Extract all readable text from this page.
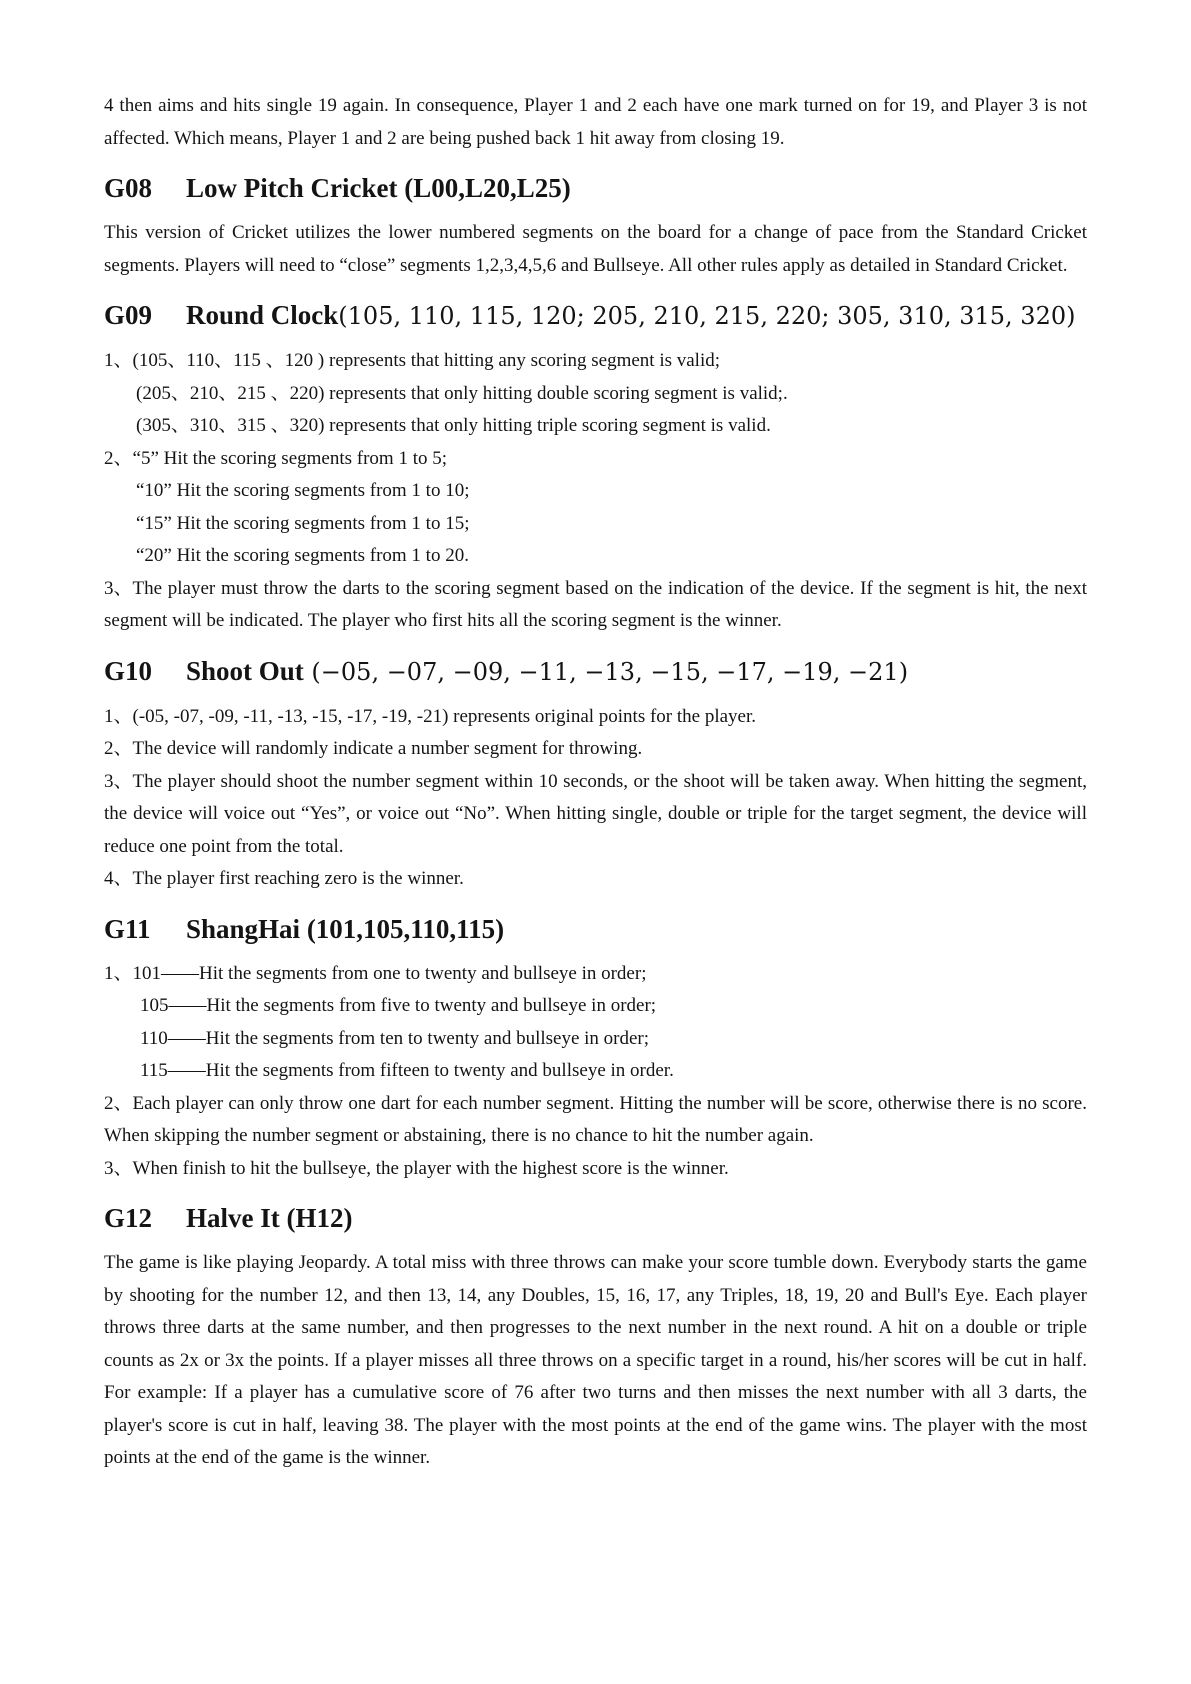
4 then aims and hits single 19 again. In consequence, Player 1 and 2 each have one mark turned on for 19, and Player 3 is not affected. Which means, Player 1 and 2 are being pushed back 1 hit away from closing 19.

G08	Low Pitch Cricket (L00,L20,L25)

This version of Cricket utilizes the lower numbered segments on the board for a change of pace from the Standard Cricket segments. Players will need to “close” segments 1,2,3,4,5,6 and Bullseye. All other rules apply as detailed in Standard Cricket.

G09	Round Clock(105, 110, 115, 120; 205, 210, 215, 220; 305, 310, 315, 320)

1、(105、110、115 、120 ) represents that hitting any scoring segment is valid;

(205、210、215 、220) represents that only hitting double scoring segment is valid;.

(305、310、315 、320) represents that only hitting triple scoring segment is valid.

2、“5” Hit the scoring segments from 1 to 5;

“10” Hit the scoring segments from 1 to 10;

“15” Hit the scoring segments from 1 to 15;

“20” Hit the scoring segments from 1 to 20.

3、The player must throw the darts to the scoring segment based on the indication of the device. If the segment is hit, the next segment will be indicated. The player who first hits all the scoring segment is the winner.

G10	Shoot Out (−05, −07, −09, −11, −13, −15, −17, −19, −21)

1、(-05, -07, -09, -11, -13, -15, -17, -19, -21) represents original points for the player.

2、The device will randomly indicate a number segment for throwing.

3、The player should shoot the number segment within 10 seconds, or the shoot will be taken away. When hitting the segment, the device will voice out “Yes”, or voice out “No”. When hitting single, double or triple for the target segment, the device will reduce one point from the total.

4、The player first reaching zero is the winner.

G11	ShangHai (101,105,110,115)

1、101——Hit the segments from one to twenty and bullseye in order;

105——Hit the segments from five to twenty and bullseye in order;

110——Hit the segments from ten to twenty and bullseye in order;

115——Hit the segments from fifteen to twenty and bullseye in order.

2、Each player can only throw one dart for each number segment. Hitting the number will be score, otherwise there is no score. When skipping the number segment or abstaining, there is no chance to hit the number again.

3、When finish to hit the bullseye, the player with the highest score is the winner.

G12	Halve It (H12)

The game is like playing Jeopardy. A total miss with three throws can make your score tumble down. Everybody starts the game by shooting for the number 12, and then 13, 14, any Doubles, 15, 16, 17, any Triples, 18, 19, 20 and Bull's Eye. Each player throws three darts at the same number, and then progresses to the next number in the next round. A hit on a double or triple counts as 2x or 3x the points. If a player misses all three throws on a specific target in a round, his/her scores will be cut in half. For example: If a player has a cumulative score of 76 after two turns and then misses the next number with all 3 darts, the player's score is cut in half, leaving 38. The player with the most points at the end of the game wins. The player with the most points at the end of the game is the winner.
